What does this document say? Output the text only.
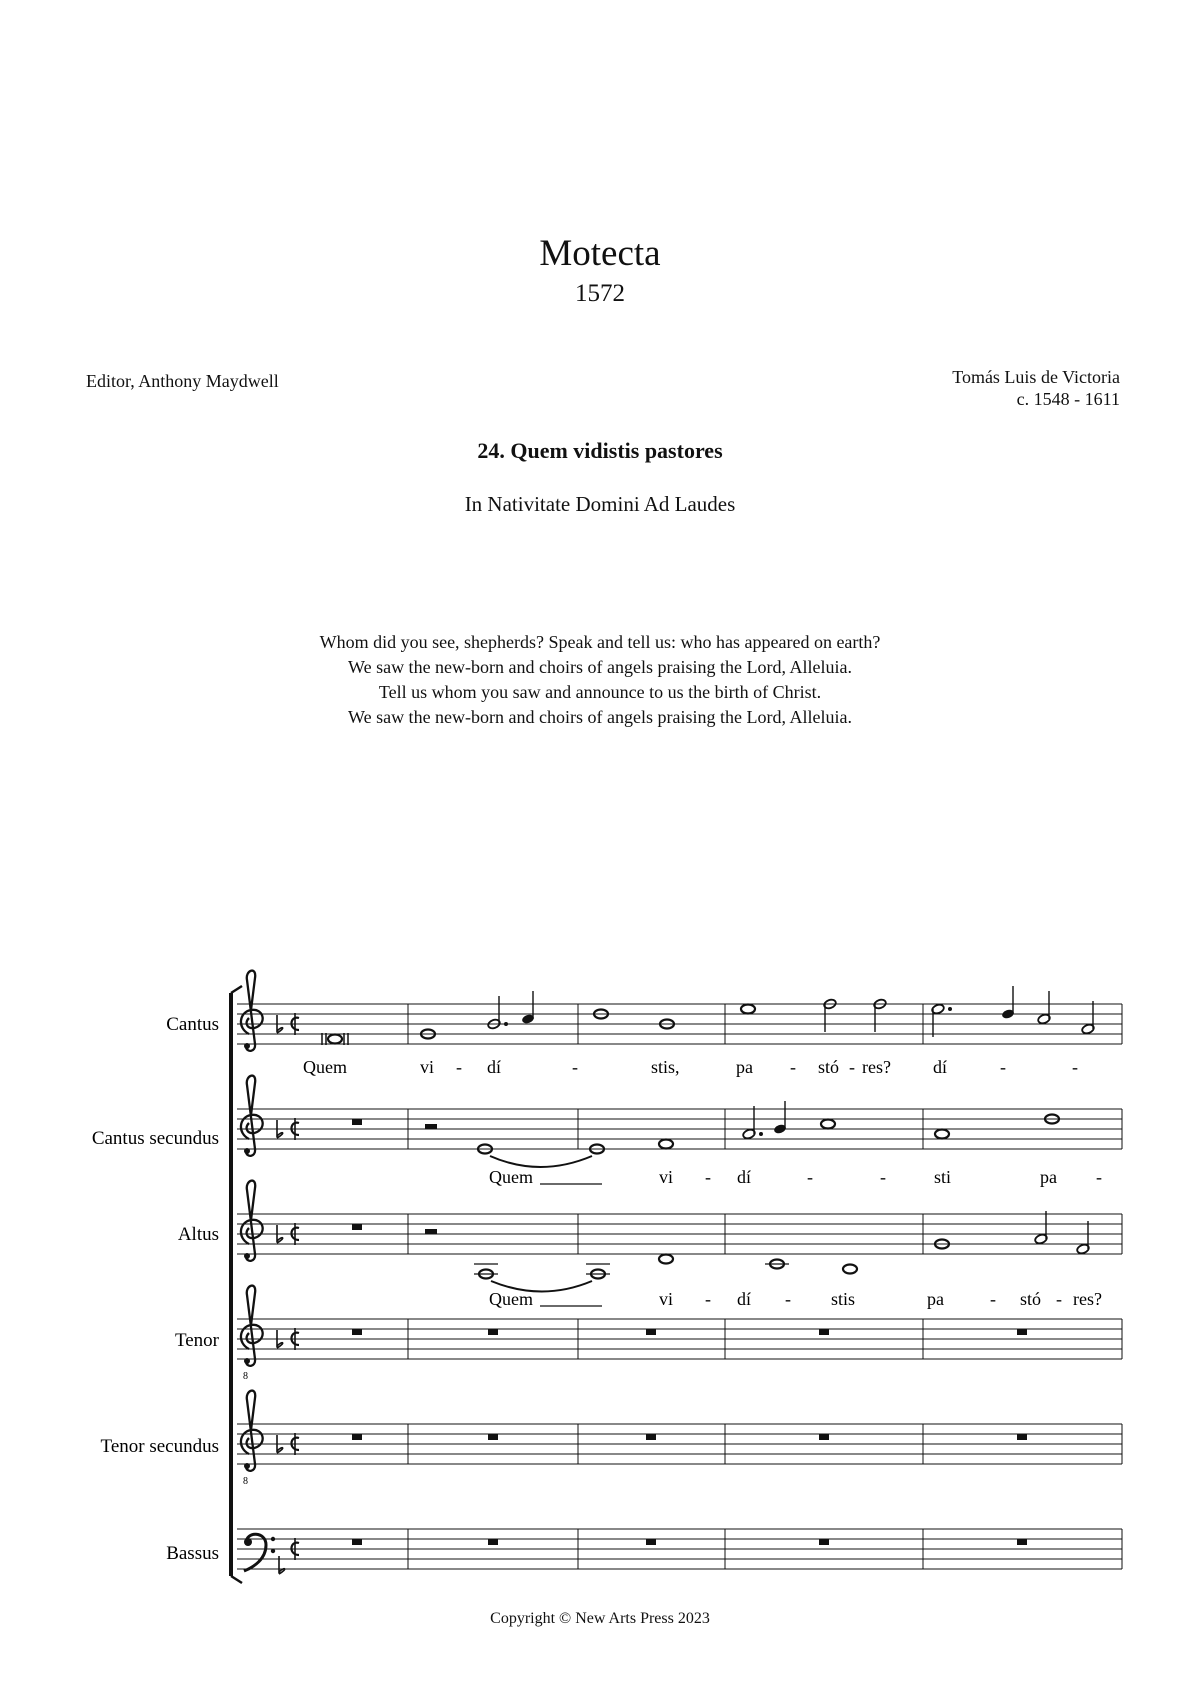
Motecta
1572
Editor, Anthony Maydwell	Tomás Luis de Victoria
c. 1548 - 1611
24. Quem vidistis pastores
In Nativitate Domini Ad Laudes
Whom did you see, shepherds? Speak and tell us: who has appeared on earth?
We saw the new-born and choirs of angels praising the Lord, Alleluia.
Tell us whom you saw and announce to us the birth of Christ.
We saw the new-born and choirs of angels praising the Lord, Alleluia.
8
8
Cantus
Cantus secundus
Altus
Tenor
Tenor secundus
Bassus
Quem	vi - dí	-	stis,	pa - stó - res? dí	-	-
Quem	vi - dí	-	-	sti	pa -
Quem	vi - dí - stis	pa	- stó - res?
Copyright © New Arts Press 2023
